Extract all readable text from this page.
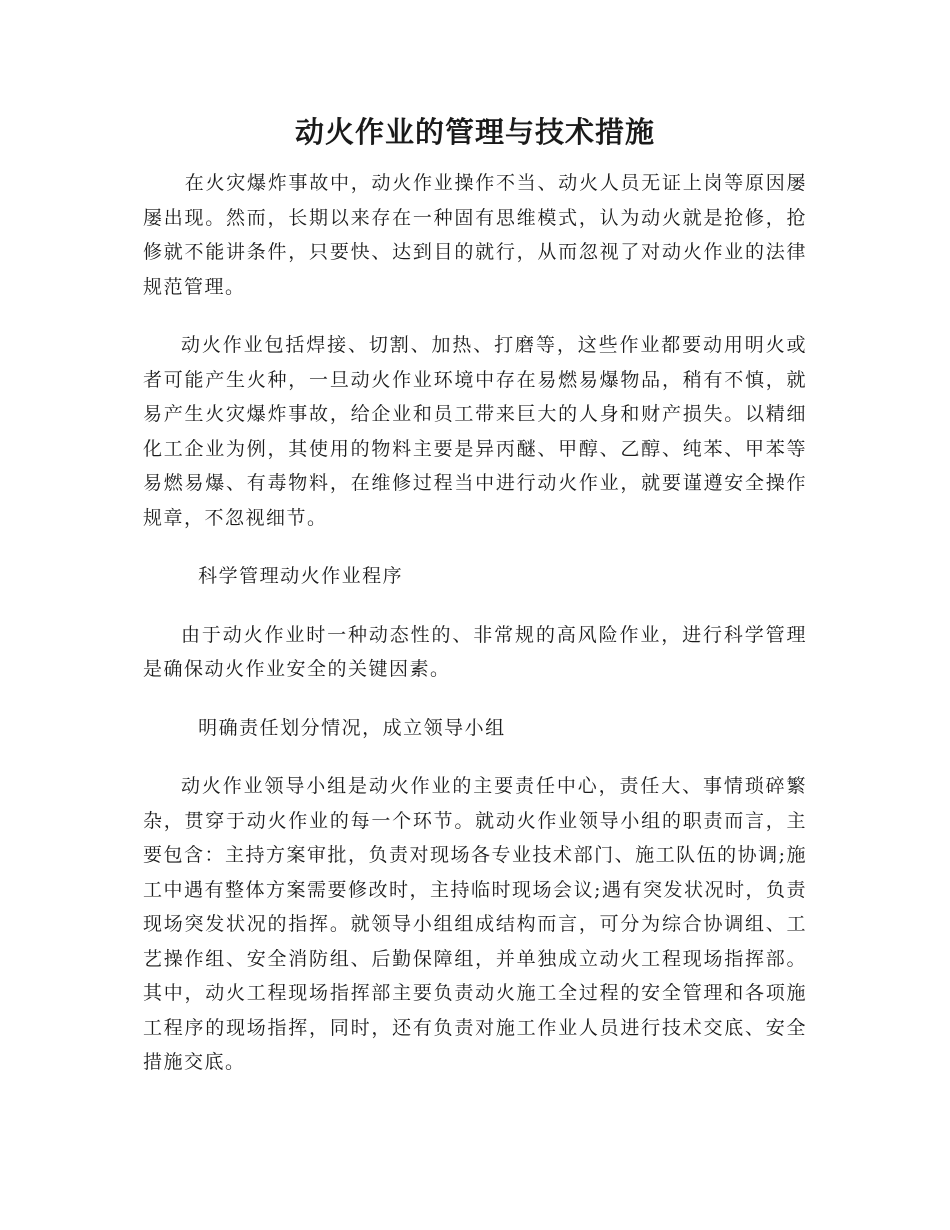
动火作业的管理与技术措施

在火灾爆炸事故中，动火作业操作不当、动火人员无证上岗等原因屡屡出现。然而，长期以来存在一种固有思维模式，认为动火就是抢修，抢修就不能讲条件，只要快、达到目的就行，从而忽视了对动火作业的法律规范管理。

动火作业包括焊接、切割、加热、打磨等，这些作业都要动用明火或者可能产生火种，一旦动火作业环境中存在易燃易爆物品，稍有不慎，就易产生火灾爆炸事故，给企业和员工带来巨大的人身和财产损失。以精细化工企业为例，其使用的物料主要是异丙醚、甲醇、乙醇、纯苯、甲苯等易燃易爆、有毒物料，在维修过程当中进行动火作业，就要谨遵安全操作规章，不忽视细节。

科学管理动火作业程序

由于动火作业时一种动态性的、非常规的高风险作业，进行科学管理是确保动火作业安全的关键因素。

明确责任划分情况，成立领导小组

动火作业领导小组是动火作业的主要责任中心，责任大、事情琐碎繁杂，贯穿于动火作业的每一个环节。就动火作业领导小组的职责而言，主要包含：主持方案审批，负责对现场各专业技术部门、施工队伍的协调;施工中遇有整体方案需要修改时，主持临时现场会议;遇有突发状况时，负责现场突发状况的指挥。就领导小组组成结构而言，可分为综合协调组、工艺操作组、安全消防组、后勤保障组，并单独成立动火工程现场指挥部。其中，动火工程现场指挥部主要负责动火施工全过程的安全管理和各项施工程序的现场指挥，同时，还有负责对施工作业人员进行技术交底、安全措施交底。
